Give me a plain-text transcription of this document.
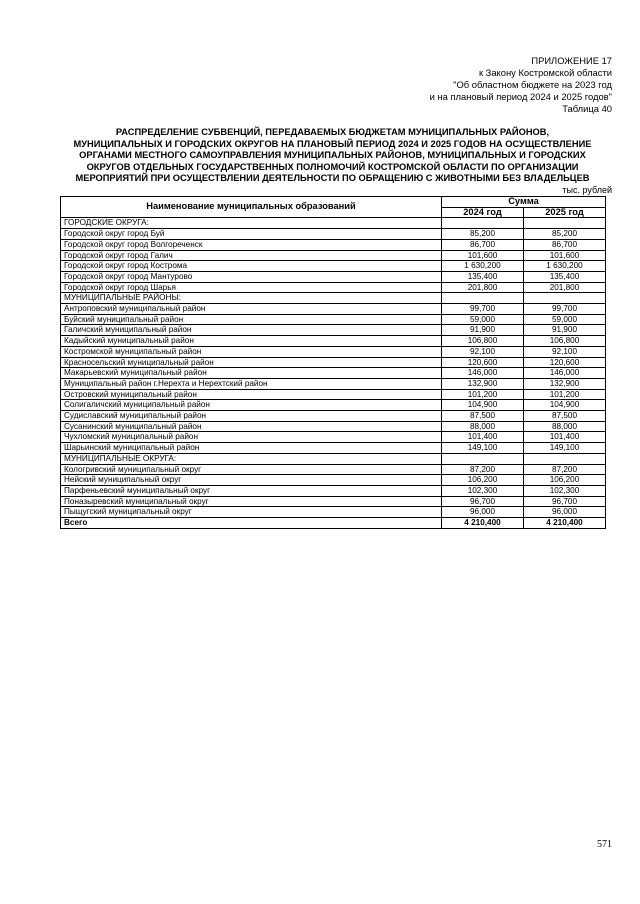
ПРИЛОЖЕНИЕ 17
к Закону Костромской области
"Об областном бюджете на 2023 год
и на плановый период 2024 и 2025 годов"
Таблица 40
РАСПРЕДЕЛЕНИЕ СУБВЕНЦИЙ, ПЕРЕДАВАЕМЫХ БЮДЖЕТАМ МУНИЦИПАЛЬНЫХ РАЙОНОВ,
МУНИЦИПАЛЬНЫХ И ГОРОДСКИХ ОКРУГОВ НА ПЛАНОВЫЙ ПЕРИОД 2024 И 2025 ГОДОВ НА ОСУЩЕСТВЛЕНИЕ
ОРГАНАМИ МЕСТНОГО САМОУПРАВЛЕНИЯ МУНИЦИПАЛЬНЫХ РАЙОНОВ, МУНИЦИПАЛЬНЫХ И ГОРОДСКИХ
ОКРУГОВ ОТДЕЛЬНЫХ ГОСУДАРСТВЕННЫХ ПОЛНОМОЧИЙ КОСТРОМСКОЙ ОБЛАСТИ ПО ОРГАНИЗАЦИИ
МЕРОПРИЯТИЙ ПРИ ОСУЩЕСТВЛЕНИИ ДЕЯТЕЛЬНОСТИ ПО ОБРАЩЕНИЮ С ЖИВОТНЫМИ БЕЗ ВЛАДЕЛЬЦЕВ
тыс. рублей
Наименование муниципальных образований	Сумма	
	2024 год	2025 год
ГОРОДСКИЕ ОКРУГА:		
Городской округ город Буй	85,200	85,200
Городской округ город Волгореченск	86,700	86,700
Городской округ город Галич	101,600	101,600
Городской округ город Кострома	1 630,200	1 630,200
Городской округ город Мантурово	135,400	135,400
Городской округ город Шарья	201,800	201,800
МУНИЦИПАЛЬНЫЕ РАЙОНЫ:		
Антроповский муниципальный район	99,700	99,700
Буйский муниципальный район	59,000	59,000
Галичский муниципальный район	91,900	91,900
Кадыйский муниципальный район	106,800	106,800
Костромской муниципальный район	92,100	92,100
Красносельский муниципальный район	120,600	120,600
Макарьевский муниципальный район	146,000	146,000
Муниципальный район г.Нерехта и Нерехтский район	132,900	132,900
Островский муниципальный район	101,200	101,200
Солигаличский муниципальный район	104,900	104,900
Судиславский муниципальный район	87,500	87,500
Сусанинский муниципальный район	88,000	88,000
Чухломский муниципальный район	101,400	101,400
Шарьинский муниципальный район	149,100	149,100
МУНИЦИПАЛЬНЫЕ ОКРУГА:		
Кологривский муниципальный округ	87,200	87,200
Нейский муниципальный округ	106,200	106,200
Парфеньевский муниципальный округ	102,300	102,300
Поназыревский муниципальный округ	96,700	96,700
Пыщугский муниципальный округ	96,000	96,000
Всего	4 210,400	4 210,400
571
